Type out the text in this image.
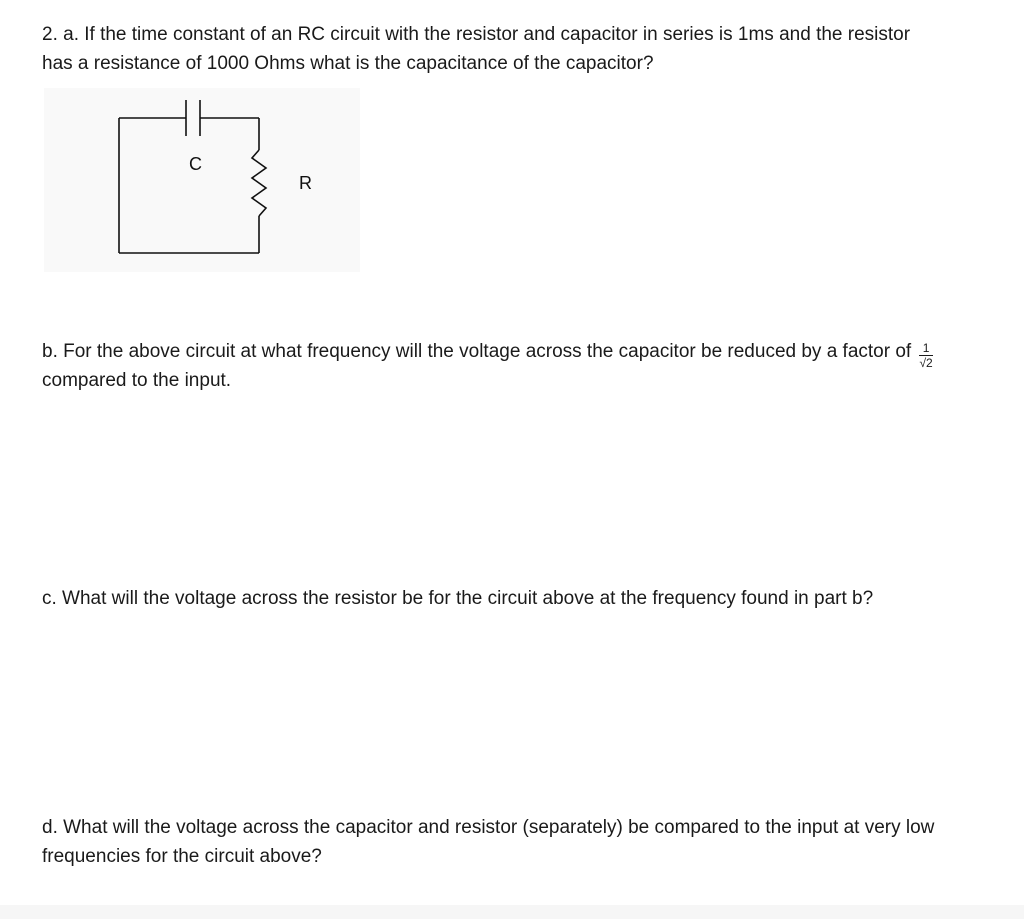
2. a. If the time constant of an RC circuit with the resistor and capacitor in series is 1ms and the resistor has a resistance of 1000 Ohms what is the capacitance of the capacitor?

C
R

b. For the above circuit at what frequency will the voltage across the capacitor be reduced by a factor of $\frac{1}{√2}$
compared to the input.

c. What will the voltage across the resistor be for the circuit above at the frequency found in part b?

d. What will the voltage across the capacitor and resistor (separately) be compared to the input at very low frequencies for the circuit above?
